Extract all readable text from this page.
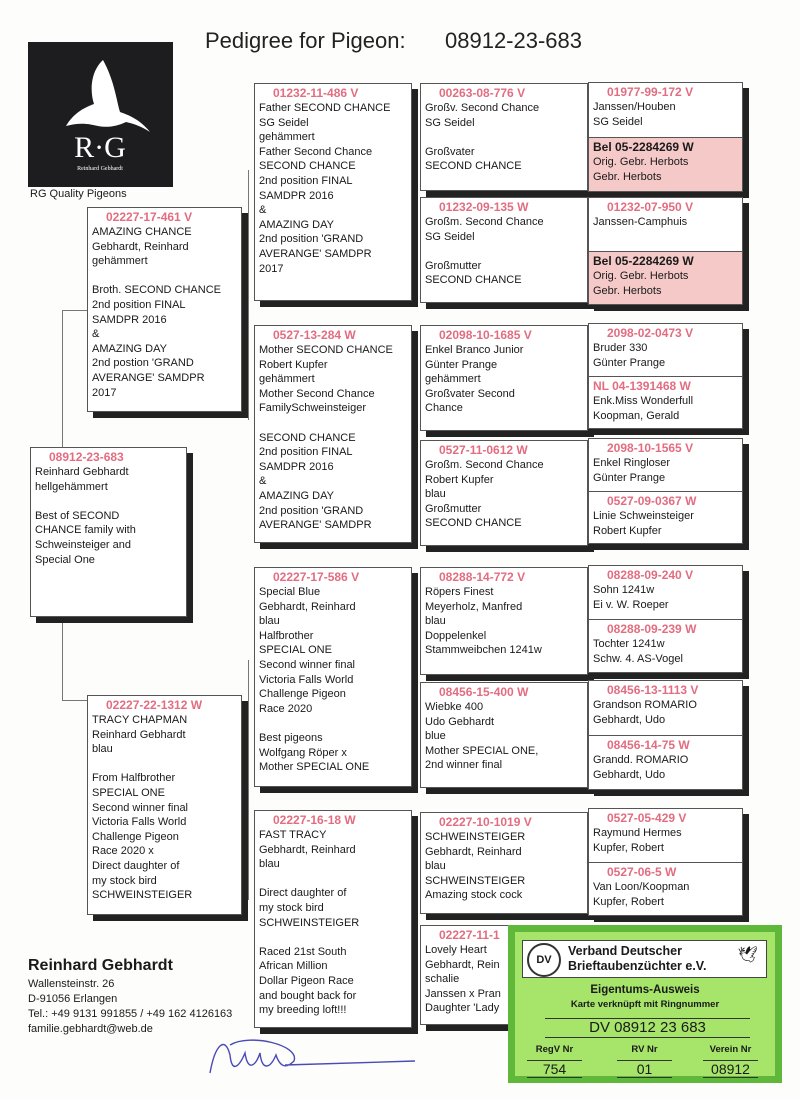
Pedigree for Pigeon: 08912-23-683
R·G
Reinhard Gebhardt
RG Quality Pigeons
08912-23-683
Reinhard Gebhardt
hellgehämmert
Best of SECOND
CHANCE family with
Schweinsteiger and
Special One
02227-17-461 V
AMAZING CHANCE
Gebhardt, Reinhard
gehämmert
Broth. SECOND CHANCE
2nd position FINAL
SAMDPR 2016
&
AMAZING DAY
2nd postion 'GRAND
AVERANGE' SAMDPR
2017
02227-22-1312 W
TRACY CHAPMAN
Reinhard Gebhardt
blau
From Halfbrother
SPECIAL ONE
Second winner final
Victoria Falls World
Challenge Pigeon
Race 2020 x
Direct daughter of
my stock bird
SCHWEINSTEIGER
01232-11-486 V
Father SECOND CHANCE
SG Seidel
gehämmert
Father Second Chance
SECOND CHANCE
2nd position FINAL
SAMDPR 2016
&
AMAZING DAY
2nd position 'GRAND
AVERANGE' SAMDPR
2017
0527-13-284 W
Mother SECOND CHANCE
Robert Kupfer
gehämmert
Mother Second Chance
FamilySchweinsteiger
SECOND CHANCE
2nd position FINAL
SAMDPR 2016
&
AMAZING DAY
2nd position 'GRAND
AVERANGE' SAMDPR
02227-17-586 V
Special Blue
Gebhardt, Reinhard
blau
Halfbrother
SPECIAL ONE
Second winner final
Victoria Falls World
Challenge Pigeon
Race 2020
Best pigeons
Wolfgang Röper x
Mother SPECIAL ONE
02227-16-18 W
FAST TRACY
Gebhardt, Reinhard
blau
Direct daughter of
my stock bird
SCHWEINSTEIGER
Raced 21st South
African Million
Dollar Pigeon Race
and bought back for
my breeding loft!!!
00263-08-776 V
Großv. Second Chance
SG Seidel
Großvater
SECOND CHANCE
01232-09-135 W
Großm. Second Chance
SG Seidel
Großmutter
SECOND CHANCE
02098-10-1685 V
Enkel Branco Junior
Günter Prange
gehämmert
Großvater Second
Chance
0527-11-0612 W
Großm. Second Chance
Robert Kupfer
blau
Großmutter
SECOND CHANCE
08288-14-772 V
Röpers Finest
Meyerholz, Manfred
blau
Doppelenkel
Stammweibchen 1241w
08456-15-400 W
Wiebke 400
Udo Gebhardt
blue
Mother SPECIAL ONE,
2nd winner final
02227-10-1019 V
SCHWEINSTEIGER
Gebhardt, Reinhard
blau
SCHWEINSTEIGER
Amazing stock cock
02227-11-1
Lovely Heart
Gebhardt, Rein
schalie
Janssen x Pran
Daughter 'Lady
01977-99-172 V
Janssen/Houben
SG Seidel
Bel 05-2284269 W
Orig. Gebr. Herbots
Gebr. Herbots
01232-07-950 V
Janssen-Camphuis
Bel 05-2284269 W
Orig. Gebr. Herbots
Gebr. Herbots
2098-02-0473 V
Bruder 330
Günter Prange
NL 04-1391468 W
Enk.Miss Wonderfull
Koopman, Gerald
2098-10-1565 V
Enkel Ringloser
Günter Prange
0527-09-0367 W
Linie Schweinsteiger
Robert Kupfer
08288-09-240 V
Sohn 1241w
Ei v. W. Roeper
08288-09-239 W
Tochter 1241w
Schw. 4. AS-Vogel
08456-13-1113 V
Grandson ROMARIO
Gebhardt, Udo
08456-14-75 W
Grandd. ROMARIO
Gebhardt, Udo
0527-05-429 V
Raymund Hermes
Kupfer, Robert
0527-06-5 W
Van Loon/Koopman
Kupfer, Robert
Reinhard Gebhardt
Wallensteinstr. 26
D-91056 Erlangen
Tel.: +49 9131 991855 / +49 162 4126163
familie.gebhardt@web.de
DV
Verband Deutscher
Brieftaubenzüchter e.V.
🕊
Eigentums-Ausweis
Karte verknüpft mit Ringnummer
DV 08912 23 683
RegV Nr	RV Nr	Verein Nr
754	01	08912
